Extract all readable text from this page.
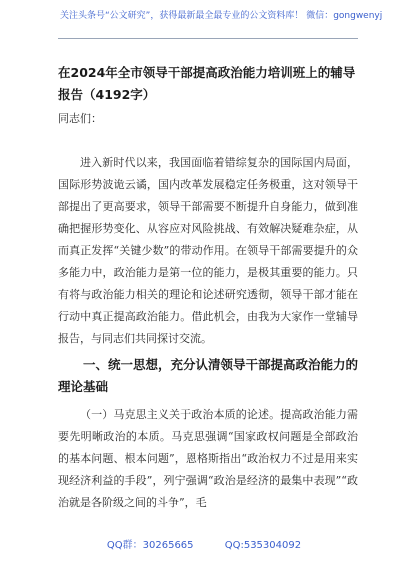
关注头条号“公文研究”，获得最新最全最专业的公文资料库！ 微信：gongwenyj
在2024年全市领导干部提高政治能力培训班上的辅导报告（4192字）

同志们：

进入新时代以来，我国面临着错综复杂的国际国内局面，国际形势波诡云谲，国内改革发展稳定任务极重，这对领导干部提出了更高要求，领导干部需要不断提升自身能力，做到准确把握形势变化、从容应对风险挑战、有效解决疑难杂症，从而真正发挥“关键少数”的带动作用。在领导干部需要提升的众多能力中，政治能力是第一位的能力，是极其重要的能力。只有将与政治能力相关的理论和论述研究透彻，领导干部才能在行动中真正提高政治能力。借此机会，由我为大家作一堂辅导报告，与同志们共同探讨交流。

一、统一思想，充分认清领导干部提高政治能力的理论基础

（一）马克思主义关于政治本质的论述。提高政治能力需要先明晰政治的本质。马克思强调“国家政权问题是全部政治的基本问题、根本问题”，恩格斯指出“政治权力不过是用来实现经济利益的手段”，列宁强调“政治是经济的最集中表现”“政治就是各阶级之间的斗争”，毛

QQ群：30265665	QQ:535304092
